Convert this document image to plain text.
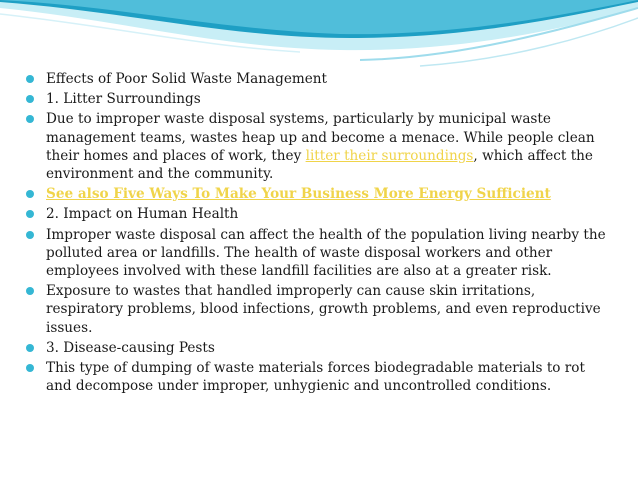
Effects of Poor Solid Waste Management
1. Litter Surroundings
Due to improper waste disposal systems, particularly by municipal waste management teams, wastes heap up and become a menace. While people clean their homes and places of work, they litter their surroundings, which affect the environment and the community.
See also Five Ways To Make Your Business More Energy Sufficient
2. Impact on Human Health
Improper waste disposal can affect the health of the population living nearby the polluted area or landfills. The health of waste disposal workers and other employees involved with these landfill facilities are also at a greater risk.
Exposure to wastes that handled improperly can cause skin irritations, respiratory problems, blood infections, growth problems, and even reproductive issues.
3. Disease-causing Pests
This type of dumping of waste materials forces biodegradable materials to rot and decompose under improper, unhygienic and uncontrolled conditions.
